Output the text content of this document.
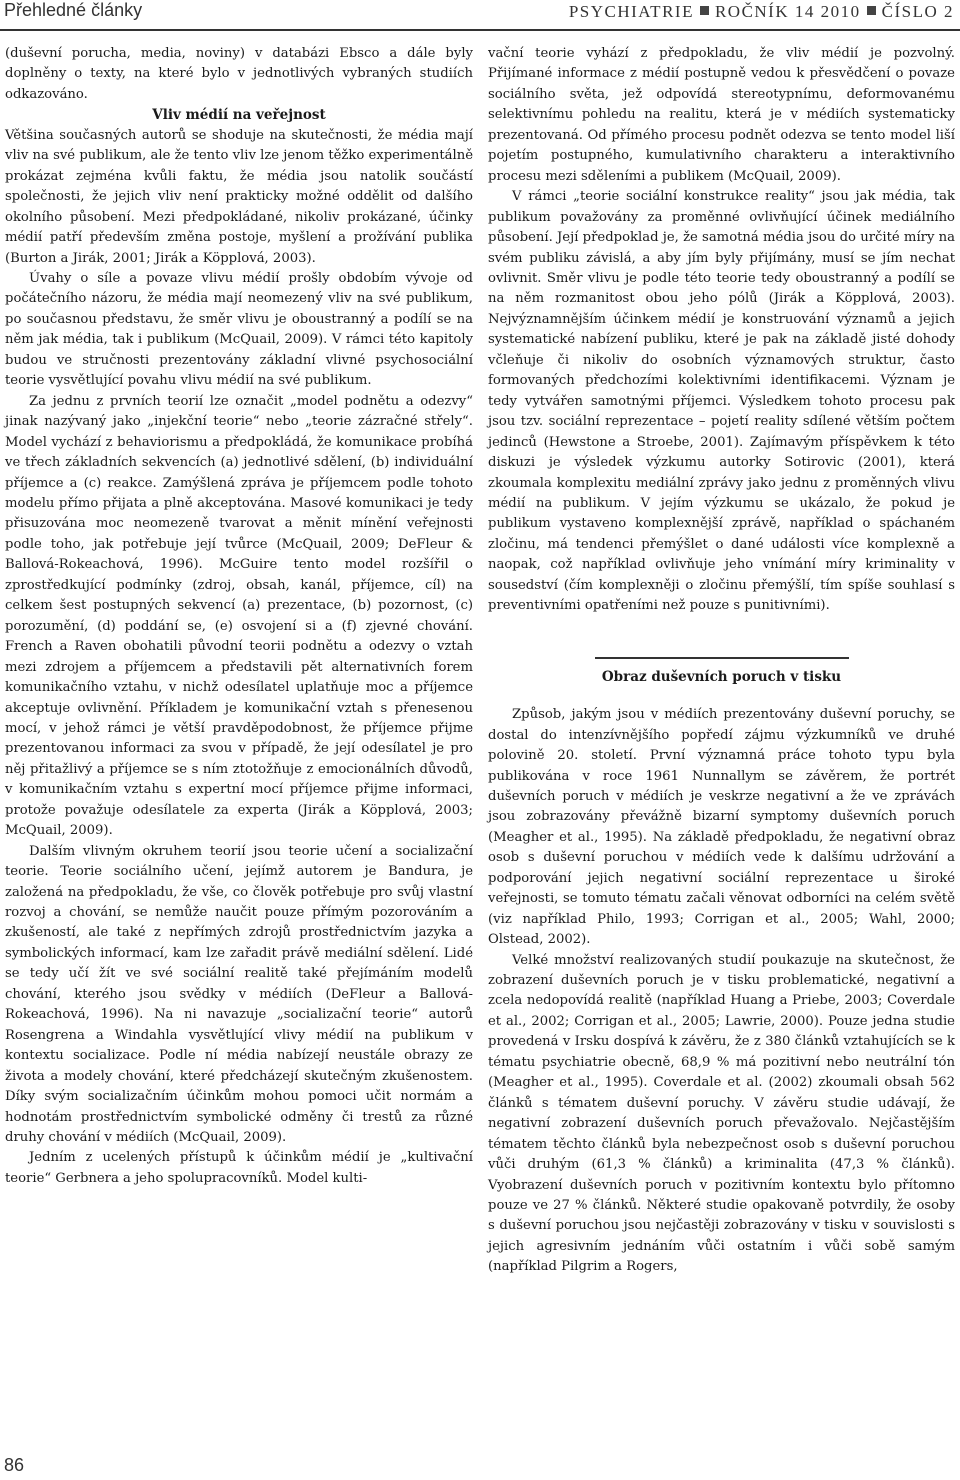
Přehledné články	PSYCHIATRIE ROČNÍK 14 2010 ČÍSLO 2

(duševní porucha, media, noviny) v databázi Ebsco a dále byly doplněny o texty, na které bylo v jednotlivých vybraných studiích odkazováno.

Vliv médií na veřejnost

Většina současných autorů se shoduje na skutečnosti, že média mají vliv na své publikum, ale že tento vliv lze jenom těžko experimentálně prokázat zejména kvůli faktu, že média jsou natolik součástí společnosti, že jejich vliv není prakticky možné oddělit od dalšího okolního působení. Mezi předpokládané, nikoliv prokázané, účinky médií patří především změna postoje, myšlení a prožívání publika (Burton a Jirák, 2001; Jirák a Köpplová, 2003).

Úvahy o síle a povaze vlivu médií prošly obdobím vývoje od počátečního názoru, že média mají neomezený vliv na své publikum, po současnou představu, že směr vlivu je oboustranný a podílí se na něm jak média, tak i publikum (McQuail, 2009). V rámci této kapitoly budou ve stručnosti prezentovány základní vlivné psychosociální teorie vysvětlující povahu vlivu médií na své publikum.

Za jednu z prvních teorií lze označit „model podnětu a odezvy“ jinak nazývaný jako „injekční teorie“ nebo „teorie zázračné střely“. Model vychází z behaviorismu a předpokládá, že komunikace probíhá ve třech základních sekvencích (a) jednotlivé sdělení, (b) individuální příjemce a (c) reakce. Zamýšlená zpráva je příjemcem podle tohoto modelu přímo přijata a plně akceptována. Masové komunikaci je tedy přisuzována moc neomezeně tvarovat a měnit mínění veřejnosti podle toho, jak potřebuje její tvůrce (McQuail, 2009; DeFleur & Ballová-Rokeachová, 1996). McGuire tento model rozšířil o zprostředkující podmínky (zdroj, obsah, kanál, příjemce, cíl) na celkem šest postupných sekvencí (a) prezentace, (b) pozornost, (c) porozumění, (d) poddání se, (e) osvojení si a (f) zjevné chování. French a Raven obohatili původní teorii podnětu a odezvy o vztah mezi zdrojem a příjemcem a představili pět alternativních forem komunikačního vztahu, v nichž odesílatel uplatňuje moc a příjemce akceptuje ovlivnění. Příkladem je komunikační vztah s přenesenou mocí, v jehož rámci je větší pravděpodobnost, že příjemce přijme prezentovanou informaci za svou v případě, že její odesílatel je pro něj přitažlivý a příjemce se s ním ztotožňuje z emocionálních důvodů, v komunikačním vztahu s expertní mocí příjemce přijme informaci, protože považuje odesílatele za experta (Jirák a Köpplová, 2003; McQuail, 2009).

Dalším vlivným okruhem teorií jsou teorie učení a socializační teorie. Teorie sociálního učení, jejímž autorem je Bandura, je založená na předpokladu, že vše, co člověk potřebuje pro svůj vlastní rozvoj a chování, se nemůže naučit pouze přímým pozorováním a zkušeností, ale také z nepřímých zdrojů prostřednictvím jazyka a symbolických informací, kam lze zařadit právě mediální sdělení. Lidé se tedy učí žít ve své sociální realitě také přejímáním modelů chování, kterého jsou svědky v médiích (DeFleur a Ballová-Rokeachová, 1996). Na ni navazuje „socializační teorie“ autorů Rosengrena a Windahla vysvětlující vlivy médií na publikum v kontextu socializace. Podle ní média nabízejí neustále obrazy ze života a modely chování, které předcházejí skutečným zkušenostem. Díky svým socializačním účinkům mohou pomoci učit normám a hodnotám prostřednictvím symbolické odměny či trestů za různé druhy chování v médiích (McQuail, 2009).

Jedním z ucelených přístupů k účinkům médií je „kultivační teorie“ Gerbnera a jeho spolupracovníků. Model kulti-

vační teorie vyhází z předpokladu, že vliv médií je pozvolný. Přijímané informace z médií postupně vedou k přesvědčení o povaze sociálního světa, jež odpovídá stereotypnímu, deformovanému selektivnímu pohledu na realitu, která je v médiích systematicky prezentovaná. Od přímého procesu podnět odezva se tento model liší pojetím postupného, kumulativního charakteru a interaktivního procesu mezi sděleními a publikem (McQuail, 2009).

V rámci „teorie sociální konstrukce reality“ jsou jak média, tak publikum považovány za proměnné ovlivňující účinek mediálního působení. Její předpoklad je, že samotná média jsou do určité míry na svém publiku závislá, a aby jím byly přijímány, musí se jím nechat ovlivnit. Směr vlivu je podle této teorie tedy oboustranný a podílí se na něm rozmanitost obou jeho pólů (Jirák a Köpplová, 2003). Nejvýznamnějším účinkem médií je konstruování významů a jejich systematické nabízení publiku, které je pak na základě jisté dohody včleňuje či nikoliv do osobních významových struktur, často formovaných předchozími kolektivními identifikacemi. Význam je tedy vytvářen samotnými příjemci. Výsledkem tohoto procesu pak jsou tzv. sociální reprezentace – pojetí reality sdílené větším počtem jedinců (Hewstone a Stroebe, 2001). Zajímavým příspěvkem k této diskuzi je výsledek výzkumu autorky Sotirovic (2001), která zkoumala komplexitu mediální zprávy jako jednu z proměnných vlivu médií na publikum. V jejím výzkumu se ukázalo, že pokud je publikum vystaveno komplexnější zprávě, například o spáchaném zločinu, má tendenci přemýšlet o dané události více komplexně a naopak, což například ovlivňuje jeho vnímání míry kriminality v sousedství (čím komplexněji o zločinu přemýšlí, tím spíše souhlasí s preventivními opatřeními než pouze s punitivními).

Obraz duševních poruch v tisku

Způsob, jakým jsou v médiích prezentovány duševní poruchy, se dostal do intenzívnějšího popředí zájmu výzkumníků ve druhé polovině 20. století. První významná práce tohoto typu byla publikována v roce 1961 Nunnallym se závěrem, že portrét duševních poruch v médiích je veskrze negativní a že ve zprávách jsou zobrazovány převážně bizarní symptomy duševních poruch (Meagher et al., 1995). Na základě předpokladu, že negativní obraz osob s duševní poruchou v médiích vede k dalšímu udržování a podporování jejich negativní sociální reprezentace u široké veřejnosti, se tomuto tématu začali věnovat odborníci na celém světě (viz například Philo, 1993; Corrigan et al., 2005; Wahl, 2000; Olstead, 2002).

Velké množství realizovaných studií poukazuje na skutečnost, že zobrazení duševních poruch je v tisku problematické, negativní a zcela nedopovídá realitě (například Huang a Priebe, 2003; Coverdale et al., 2002; Corrigan et al., 2005; Lawrie, 2000). Pouze jedna studie provedená v Irsku dospívá k závěru, že z 380 článků vztahujících se k tématu psychiatrie obecně, 68,9 % má pozitivní nebo neutrální tón (Meagher et al., 1995). Coverdale et al. (2002) zkoumali obsah 562 článků s tématem duševní poruchy. V závěru studie udávají, že negativní zobrazení duševních poruch převažovalo. Nejčastějším tématem těchto článků byla nebezpečnost osob s duševní poruchou vůči druhým (61,3 % článků) a kriminalita (47,3 % článků). Vyobrazení duševních poruch v pozitivním kontextu bylo přítomno pouze ve 27 % článků. Některé studie opakovaně potvrdily, že osoby s duševní poruchou jsou nejčastěji zobrazovány v tisku v souvislosti s jejich agresivním jednáním vůči ostatním i vůči sobě samým (například Pilgrim a Rogers,

86
